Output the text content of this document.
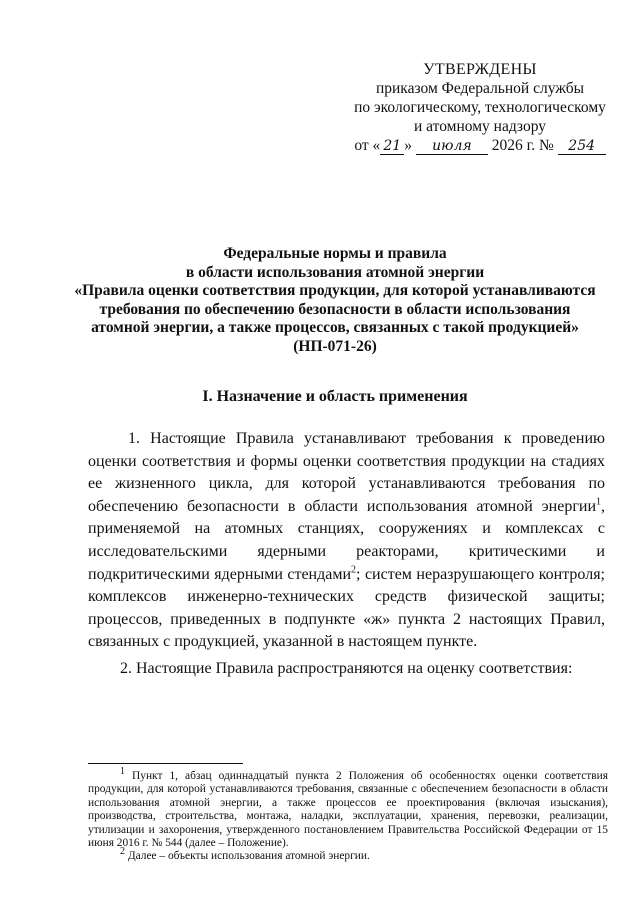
УТВЕРЖДЕНЫ
приказом Федеральной службы
по экологическому, технологическому
и атомному надзору
от « 21 » июля 2026 г. № 254
Федеральные нормы и правила
в области использования атомной энергии
«Правила оценки соответствия продукции, для которой устанавливаются
требования по обеспечению безопасности в области использования
атомной энергии, а также процессов, связанных с такой продукцией»
(НП-071-26)
I. Назначение и область применения

1. Настоящие Правила устанавливают требования к проведению оценки соответствия и формы оценки соответствия продукции на стадиях ее жизненного цикла, для которой устанавливаются требования по обеспечению безопасности в области использования атомной энергии$^1$, применяемой на атомных станциях, сооружениях и комплексах с исследовательскими ядерными реакторами, критическими и подкритическими ядерными стендами$^2$; систем неразрушающего контроля; комплексов инженерно-технических средств физической защиты; процессов, приведенных в подпункте «ж» пункта 2 настоящих Правил, связанных с продукцией, указанной в настоящем пункте.

2. Настоящие Правила распространяются на оценку соответствия:

$^1$ Пункт 1, абзац одиннадцатый пункта 2 Положения об особенностях оценки соответствия продукции, для которой устанавливаются требования, связанные с обеспечением безопасности в области использования атомной энергии, а также процессов ее проектирования (включая изыскания), производства, строительства, монтажа, наладки, эксплуатации, хранения, перевозки, реализации, утилизации и захоронения, утвержденного постановлением Правительства Российской Федерации от 15 июня 2016 г. № 544 (далее – Положение).

$^2$ Далее – объекты использования атомной энергии.
